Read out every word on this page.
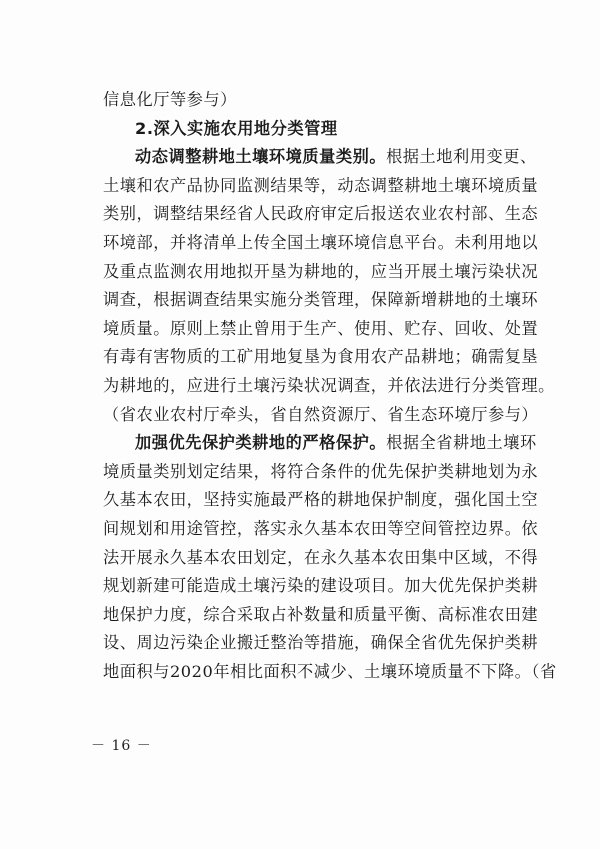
信息化厅等参与）
2.深入实施农用地分类管理
动态调整耕地土壤环境质量类别。根据土地利用变更、
土壤和农产品协同监测结果等，动态调整耕地土壤环境质量
类别，调整结果经省人民政府审定后报送农业农村部、生态
环境部，并将清单上传全国土壤环境信息平台。未利用地以
及重点监测农用地拟开垦为耕地的，应当开展土壤污染状况
调查，根据调查结果实施分类管理，保障新增耕地的土壤环
境质量。原则上禁止曾用于生产、使用、贮存、回收、处置
有毒有害物质的工矿用地复垦为食用农产品耕地；确需复垦
为耕地的，应进行土壤污染状况调查，并依法进行分类管理。
（省农业农村厅牵头，省自然资源厅、省生态环境厅参与）
加强优先保护类耕地的严格保护。根据全省耕地土壤环
境质量类别划定结果，将符合条件的优先保护类耕地划为永
久基本农田，坚持实施最严格的耕地保护制度，强化国土空
间规划和用途管控，落实永久基本农田等空间管控边界。依
法开展永久基本农田划定，在永久基本农田集中区域，不得
规划新建可能造成土壤污染的建设项目。加大优先保护类耕
地保护力度，综合采取占补数量和质量平衡、高标准农田建
设、周边污染企业搬迁整治等措施，确保全省优先保护类耕
地面积与2020年相比面积不减少、土壤环境质量不下降。（省
－ 16 －
